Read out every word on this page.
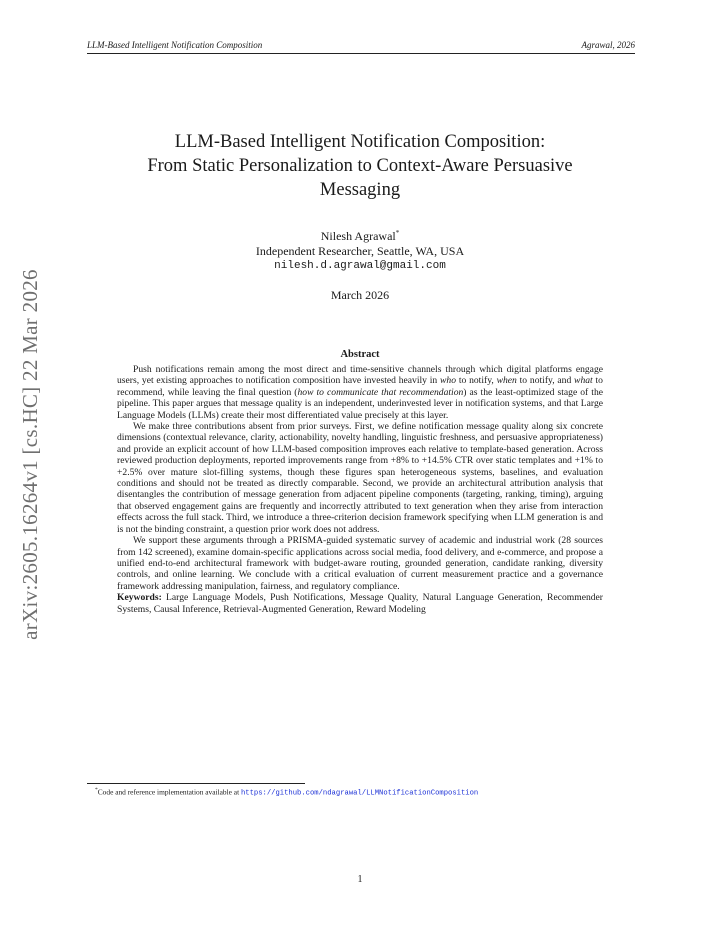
LLM-Based Intelligent Notification Composition	Agrawal, 2026
arXiv:2605.16264v1 [cs.HC] 22 Mar 2026
LLM-Based Intelligent Notification Composition:
From Static Personalization to Context-Aware Persuasive
Messaging
Nilesh Agrawal*
Independent Researcher, Seattle, WA, USA
nilesh.d.agrawal@gmail.com
March 2026
Abstract

Push notifications remain among the most direct and time-sensitive channels through which digital platforms engage users, yet existing approaches to notification composition have invested heavily in who to notify, when to notify, and what to recommend, while leaving the final question (how to communicate that recommendation) as the least-optimized stage of the pipeline. This paper argues that message quality is an independent, underinvested lever in notification systems, and that Large Language Models (LLMs) create their most differentiated value precisely at this layer.

We make three contributions absent from prior surveys. First, we define notification message quality along six concrete dimensions (contextual relevance, clarity, actionability, novelty handling, linguistic freshness, and persuasive appropriateness) and provide an explicit account of how LLM-based composition improves each relative to template-based generation. Across reviewed production deployments, reported improvements range from +8% to +14.5% CTR over static templates and +1% to +2.5% over mature slot-filling systems, though these figures span heterogeneous systems, baselines, and evaluation conditions and should not be treated as directly comparable. Second, we provide an architectural attribution analysis that disentangles the contribution of message generation from adjacent pipeline components (targeting, ranking, timing), arguing that observed engagement gains are frequently and incorrectly attributed to text generation when they arise from interaction effects across the full stack. Third, we introduce a three-criterion decision framework specifying when LLM generation is and is not the binding constraint, a question prior work does not address.

We support these arguments through a PRISMA-guided systematic survey of academic and industrial work (28 sources from 142 screened), examine domain-specific applications across social media, food delivery, and e-commerce, and propose a unified end-to-end architectural framework with budget-aware routing, grounded generation, candidate ranking, diversity controls, and online learning. We conclude with a critical evaluation of current measurement practice and a governance framework addressing manipulation, fairness, and regulatory compliance.

Keywords: Large Language Models, Push Notifications, Message Quality, Natural Language Generation, Recommender Systems, Causal Inference, Retrieval-Augmented Generation, Reward Modeling

*Code and reference implementation available at https://github.com/ndagrawal/LLMNotificationComposition
1
